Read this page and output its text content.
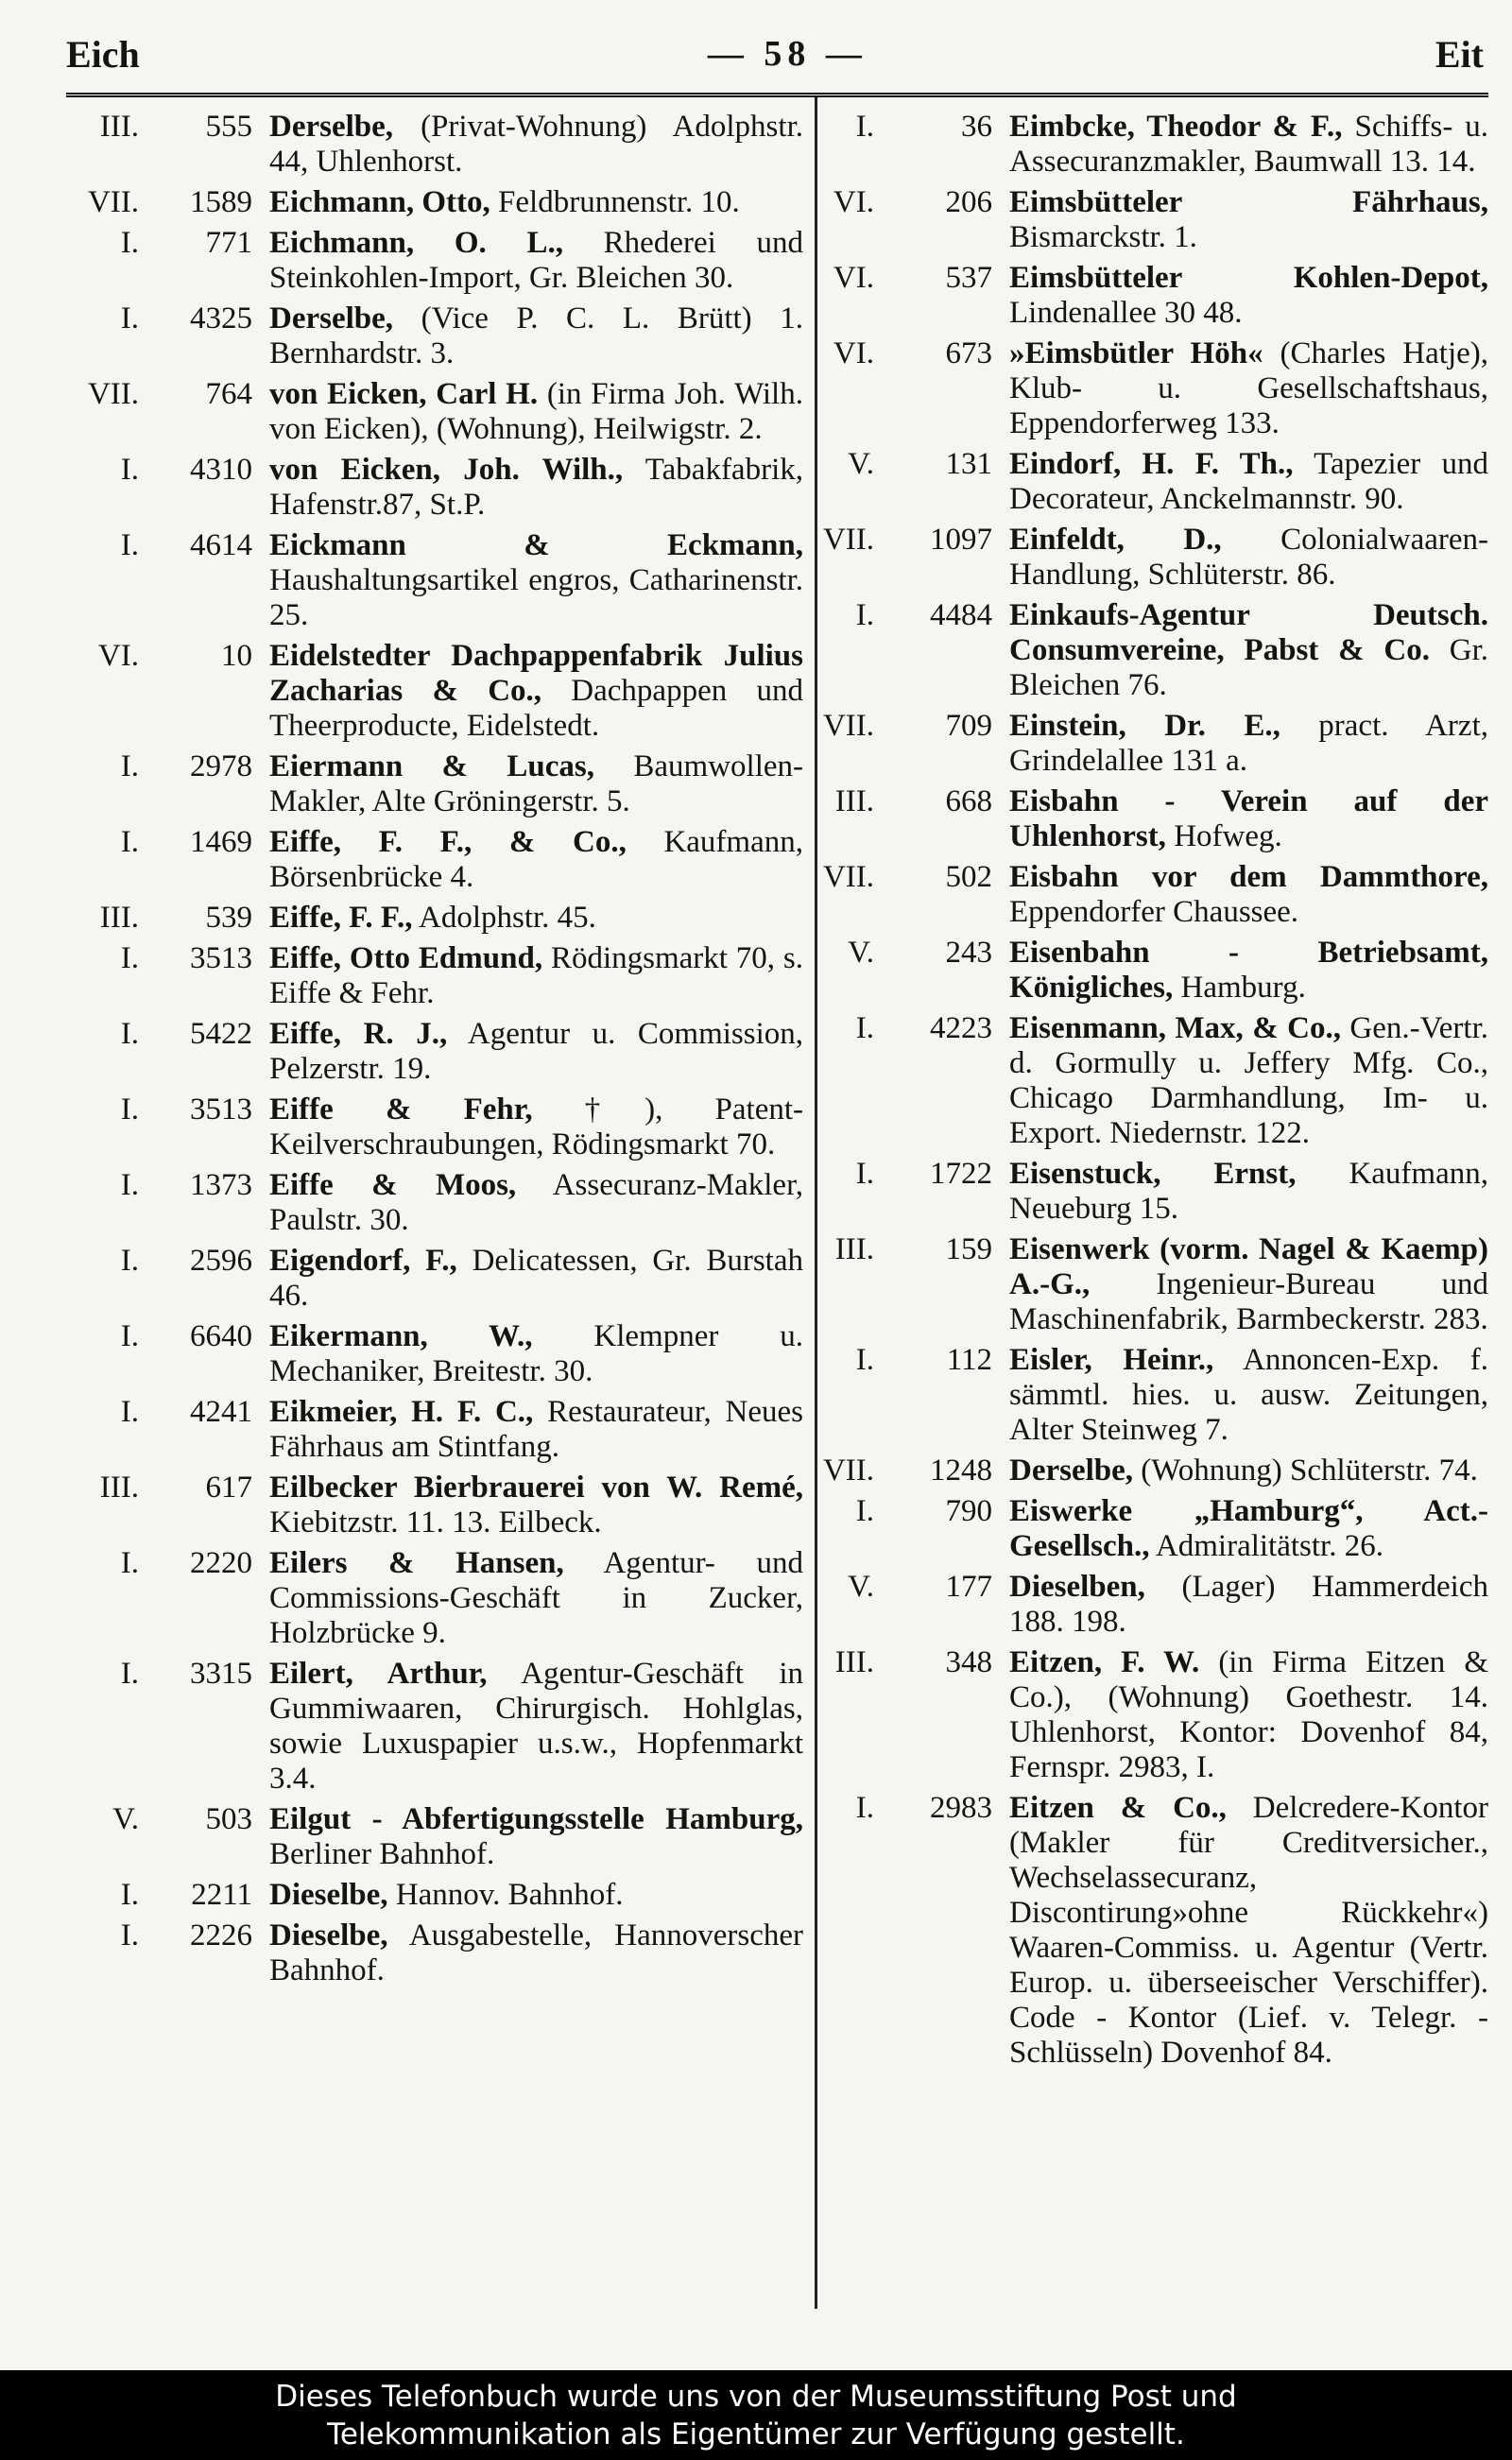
Eich	— 58 —	Eit
III.	555 Derselbe, (Privat-Wohnung) Adolphstr. 44, Uhlenhorst.
VII.	1589 Eichmann, Otto, Feldbrunnenstr. 10.
I.	771 Eichmann, O. L., Rhederei und Steinkohlen-Import, Gr. Bleichen 30.
I.	4325 Derselbe, (Vice P. C. L. Brütt) 1. Bernhardstr. 3.
VII.	764 von Eicken, Carl H. (in Firma Joh. Wilh. von Eicken), (Wohnung), Heilwigstr. 2.
I.	4310 von Eicken, Joh. Wilh., Tabakfabrik, Hafenstr.87, St.P.
I.	4614 Eickmann & Eckmann, Haushaltungsartikel engros, Catharinenstr. 25.
VI.	10 Eidelstedter Dachpappenfabrik Julius Zacharias & Co., Dachpappen und Theerproducte, Eidelstedt.
I.	2978 Eiermann & Lucas, Baumwollen-Makler, Alte Gröningerstr. 5.
I.	1469 Eiffe, F. F., & Co., Kaufmann, Börsenbrücke 4.
III.	539 Eiffe, F. F., Adolphstr. 45.
I.	3513 Eiffe, Otto Edmund, Rödingsmarkt 70, s. Eiffe & Fehr.
I.	5422 Eiffe, R. J., Agentur u. Commission, Pelzerstr. 19.
I.	3513 Eiffe & Fehr, †), Patent-Keilverschraubungen, Rödingsmarkt 70.
I.	1373 Eiffe & Moos, Assecuranz-Makler, Paulstr. 30.
I.	2596 Eigendorf, F., Delicatessen, Gr. Burstah 46.
I.	6640 Eikermann, W., Klempner u. Mechaniker, Breitestr. 30.
I.	4241 Eikmeier, H. F. C., Restaurateur, Neues Fährhaus am Stintfang.
III.	617 Eilbecker Bierbrauerei von W. Remé, Kiebitzstr. 11. 13. Eilbeck.
I.	2220 Eilers & Hansen, Agentur- und Commissions-Geschäft in Zucker, Holzbrücke 9.
I.	3315 Eilert, Arthur, Agentur-Geschäft in Gummiwaaren, Chirurgisch. Hohlglas, sowie Luxuspapier u.s.w., Hopfenmarkt 3.4.
V.	503 Eilgut - Abfertigungsstelle Hamburg, Berliner Bahnhof.
I.	2211 Dieselbe, Hannov. Bahnhof.
I.	2226 Dieselbe, Ausgabestelle, Hannoverscher Bahnhof.
I.	36 Eimbcke, Theodor & F., Schiffs- u. Assecuranzmakler, Baumwall 13. 14.
VI.	206 Eimsbütteler Fährhaus, Bismarckstr. 1.
VI.	537 Eimsbütteler Kohlen-Depot, Lindenallee 30 48.
VI.	673 »Eimsbütler Höh« (Charles Hatje), Klub- u. Gesellschaftshaus, Eppendorferweg 133.
V.	131 Eindorf, H. F. Th., Tapezier und Decorateur, Anckelmannstr. 90.
VII.	1097 Einfeldt, D., Colonialwaaren-Handlung, Schlüterstr. 86.
I.	4484 Einkaufs-Agentur Deutsch. Consumvereine, Pabst & Co. Gr. Bleichen 76.
VII.	709 Einstein, Dr. E., pract. Arzt, Grindelallee 131 a.
III.	668 Eisbahn - Verein auf der Uhlenhorst, Hofweg.
VII.	502 Eisbahn vor dem Dammthore, Eppendorfer Chaussee.
V.	243 Eisenbahn - Betriebsamt, Königliches, Hamburg.
I.	4223 Eisenmann, Max, & Co., Gen.-Vertr. d. Gormully u. Jeffery Mfg. Co., Chicago Darmhandlung, Im- u. Export. Niedernstr. 122.
I.	1722 Eisenstuck, Ernst, Kaufmann, Neueburg 15.
III.	159 Eisenwerk (vorm. Nagel & Kaemp) A.-G., Ingenieur-Bureau und Maschinenfabrik, Barmbeckerstr. 283.
I.	112 Eisler, Heinr., Annoncen-Exp. f. sämmtl. hies. u. ausw. Zeitungen, Alter Steinweg 7.
VII.	1248 Derselbe, (Wohnung) Schlüterstr. 74.
I.	790 Eiswerke „Hamburg“, Act.-Gesellsch., Admiralitätstr. 26.
V.	177 Dieselben, (Lager) Hammerdeich 188. 198.
III.	348 Eitzen, F. W. (in Firma Eitzen & Co.), (Wohnung) Goethestr. 14. Uhlenhorst, Kontor: Dovenhof 84, Fernspr. 2983, I.
I.	2983 Eitzen & Co., Delcredere-Kontor (Makler für Creditversicher., Wechselassecuranz, Discontirung»ohne Rückkehr«) Waaren-Commiss. u. Agentur (Vertr. Europ. u. überseeischer Verschiffer). Code - Kontor (Lief. v. Telegr. - Schlüsseln) Dovenhof 84.
Dieses Telefonbuch wurde uns von der Museumsstiftung Post und
Telekommunikation als Eigentümer zur Verfügung gestellt.
